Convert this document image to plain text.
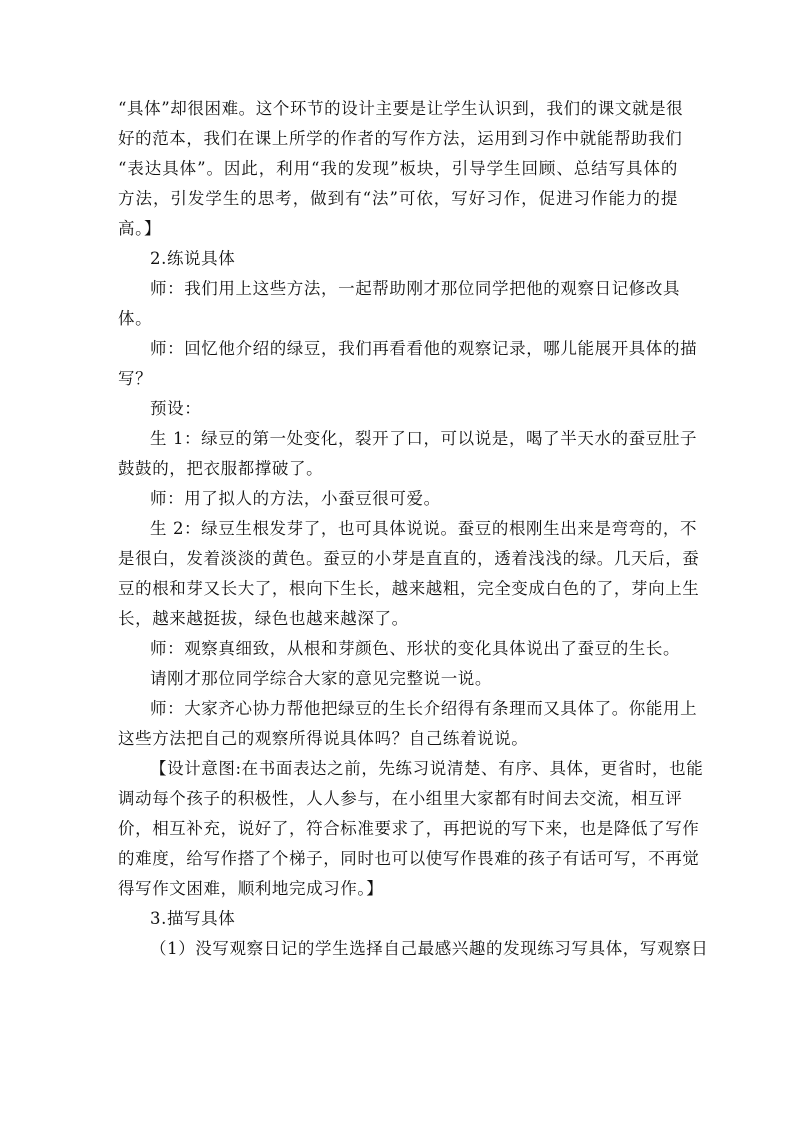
“具体”却很困难。这个环节的设计主要是让学生认识到，我们的课文就是很
好的范本，我们在课上所学的作者的写作方法，运用到习作中就能帮助我们
“表达具体”。因此，利用“我的发现”板块，引导学生回顾、总结写具体的
方法，引发学生的思考，做到有“法”可依，写好习作，促进习作能力的提
高。】
2.练说具体
师：我们用上这些方法，一起帮助刚才那位同学把他的观察日记修改具
体。
师：回忆他介绍的绿豆，我们再看看他的观察记录，哪儿能展开具体的描
写？
预设：
生 1：绿豆的第一处变化，裂开了口，可以说是，喝了半天水的蚕豆肚子
鼓鼓的，把衣服都撑破了。
师：用了拟人的方法，小蚕豆很可爱。
生 2：绿豆生根发芽了，也可具体说说。蚕豆的根刚生出来是弯弯的，不
是很白，发着淡淡的黄色。蚕豆的小芽是直直的，透着浅浅的绿。几天后，蚕
豆的根和芽又长大了，根向下生长，越来越粗，完全变成白色的了，芽向上生
长，越来越挺拔，绿色也越来越深了。
师：观察真细致，从根和芽颜色、形状的变化具体说出了蚕豆的生长。
请刚才那位同学综合大家的意见完整说一说。
师：大家齐心协力帮他把绿豆的生长介绍得有条理而又具体了。你能用上
这些方法把自己的观察所得说具体吗？自己练着说说。
【设计意图:在书面表达之前，先练习说清楚、有序、具体，更省时，也能
调动每个孩子的积极性，人人参与，在小组里大家都有时间去交流，相互评
价，相互补充，说好了，符合标准要求了，再把说的写下来，也是降低了写作
的难度，给写作搭了个梯子，同时也可以使写作畏难的孩子有话可写，不再觉
得写作文困难，顺利地完成习作。】
3.描写具体
（1）没写观察日记的学生选择自己最感兴趣的发现练习写具体，写观察日
